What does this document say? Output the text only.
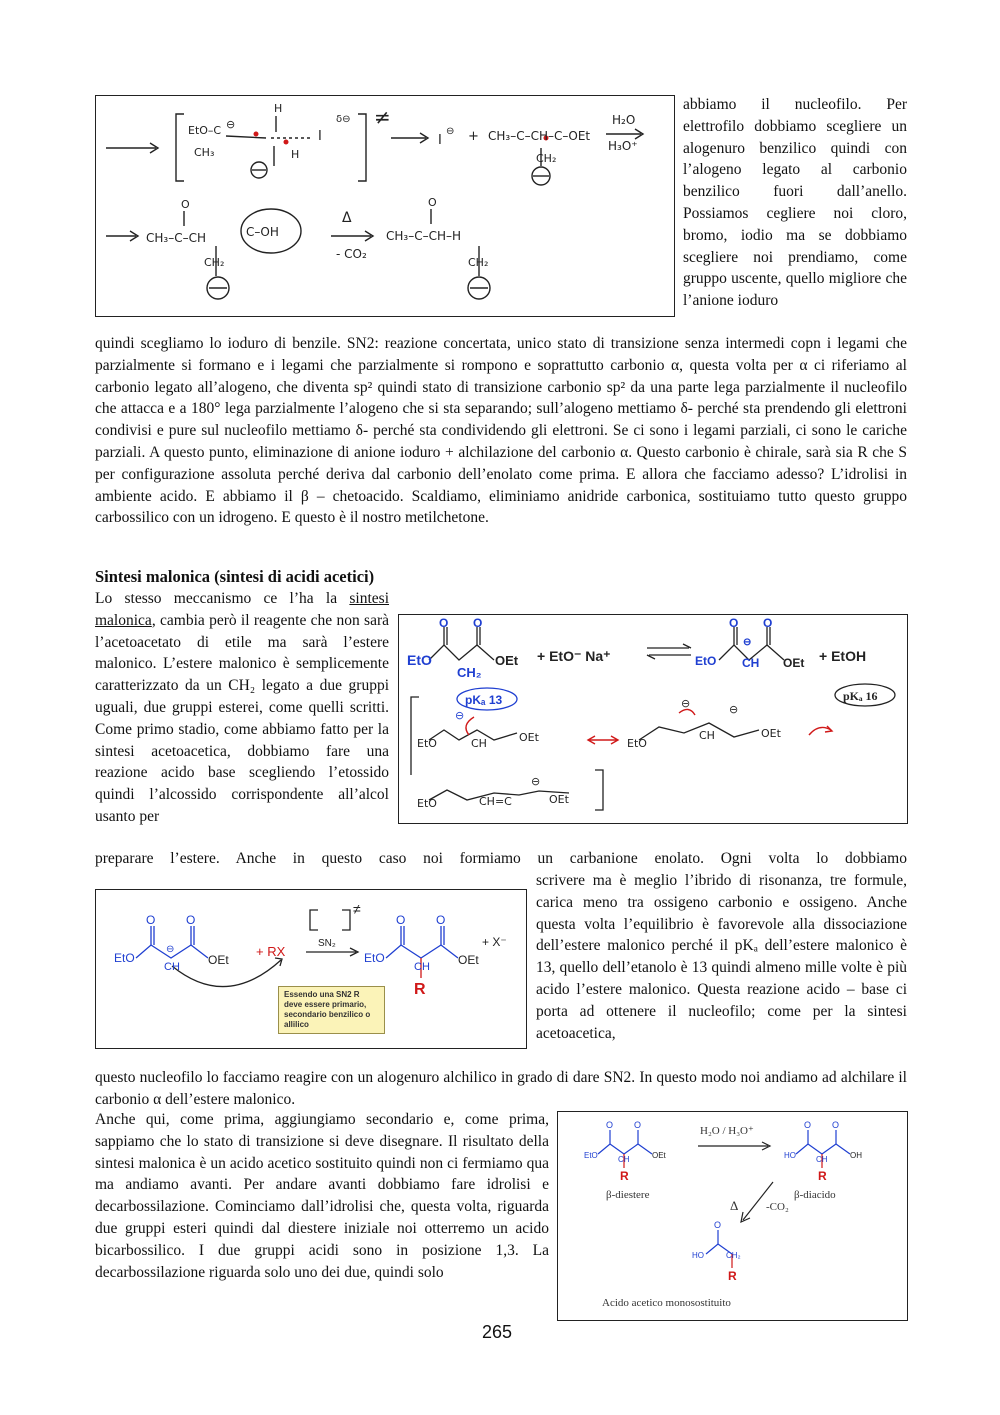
EtO–C ⊖
CH₃	H
H
I
δ⊖ ≠
I
⊖ + CH₃–C–CH–C–OEt
CH₂
H₂O
H₃O⁺
CH₃–C–CH	C–OH
CH₂
Δ
- CO₂
CH₃–C–CH–H
CH₂
O	O

abbiamo il nucleofilo. Per elettrofilo dobbiamo scegliere un alogenuro benzilico quindi con l’alogeno legato al carbonio benzilico fuori dall’anello. Possiamos cegliere noi cloro, bromo, iodio ma se dobbiamo scegliere noi prendiamo, come gruppo uscente, quello migliore che l’anione ioduro

quindi scegliamo lo ioduro di benzile. SN2: reazione concertata, unico stato di transizione senza intermedi copn i legami che parzialmente si formano e i legami che parzialmente si rompono e soprattutto carbonio α, questa volta per α ci riferiamo al carbonio legato all’alogeno, che diventa sp² quindi stato di transizione carbonio sp² da una parte lega parzialmente il nucleofilo che attacca e a 180° lega parzialmente l’alogeno che si sta separando; sull’alogeno mettiamo δ- perché sta prendendo gli elettroni condivisi e pure sul nucleofilo mettiamo δ- perché sta condividendo gli elettroni. Se ci sono i legami parziali, ci sono le cariche parziali. A questo punto, eliminazione di anione ioduro + alchilazione del carbonio α. Questo carbonio è chirale, sarà sia R che S per configurazione assoluta perché deriva dal carbonio dell’enolato come prima. E allora che facciamo adesso? L’idrolisi in ambiente acido. E abbiamo il β – chetoacido. Scaldiamo, eliminiamo anidride carbonica, sostituiamo tutto questo gruppo carbossilico con un idrogeno. E questo è il nostro metilchetone.

Sintesi malonica (sintesi di acidi acetici)

Lo stesso meccanismo ce l’ha la sintesi malonica, cambia però il reagente che non sarà l’acetoacetato di etile ma sarà l’estere malonico. L’estere malonico è semplicemente caratterizzato da un CH₂ legato a due gruppi uguali, due gruppi esterei, come quelli scritti. Come primo stadio, come abbiamo fatto per la sintesi acetoacetica, dobbiamo fare una reazione acido base scegliendo l’etossido quindi l’alcossido corrispondente all’alcol usanto per

EtO
CH₂
OEt
O O
+ EtO⁻ Na⁺	EtO CH OEt
O O
⊖
+ EtOH
pKₐ 13	pKₐ 16
EtO	CH	OEt	EtO
CH	OEt
EtO	CH=C	OEt
⊖
⊖	⊖
⊖

preparare l’estere. Anche in questo caso noi formiamo un carbanione enolato. Ogni volta lo dobbiamo

EtO
CH OEt
O	O
⊖	+ RX
SN₂
≠
EtO
CH OEt
O	O
R
+ X⁻
Essendo una SN2 R deve essere primario, secondario benzilico o allilico

scrivere ma è meglio l’ibrido di risonanza, tre formule, carica meno tra ossigeno carbonio e ossigeno. Anche questa volta l’equilibrio è favorevole alla dissociazione dell’estere malonico perché il pKₐ dell’estere malonico è 13, quello dell’etanolo è 13 quindi almeno mille volte è più acido l’estere malonico. Questa reazione acido – base ci porta ad ottenere il nucleofilo; come per la sintesi acetoacetica,

questo nucleofilo lo facciamo reagire con un alogenuro alchilico in grado di dare SN2. In questo modo noi andiamo ad alchilare il carbonio α dell’estere malonico.

H₂O / H₃O⁺
β-diestere	β-diacido
Δ	-CO₂
Acido acetico monosostituito
EtO	CH	OEt	HO	CH	OH
HO	CH₂
O O	O O
O
R	R
R

Anche qui, come prima, aggiungiamo secondario e, come prima, sappiamo che lo stato di transizione si deve disegnare. Il risultato della sintesi malonica è un acido acetico sostituito quindi non ci fermiamo qua ma andiamo avanti. Per andare avanti dobbiamo fare idrolisi e decarbossilazione. Cominciamo dall’idrolisi che, questa volta, riguarda due gruppi esteri quindi dal diestere iniziale noi otterremo un acido bicarbossilico. I due gruppi acidi sono in posizione 1,3. La decarbossilazione riguarda solo uno dei due, quindi solo

265
